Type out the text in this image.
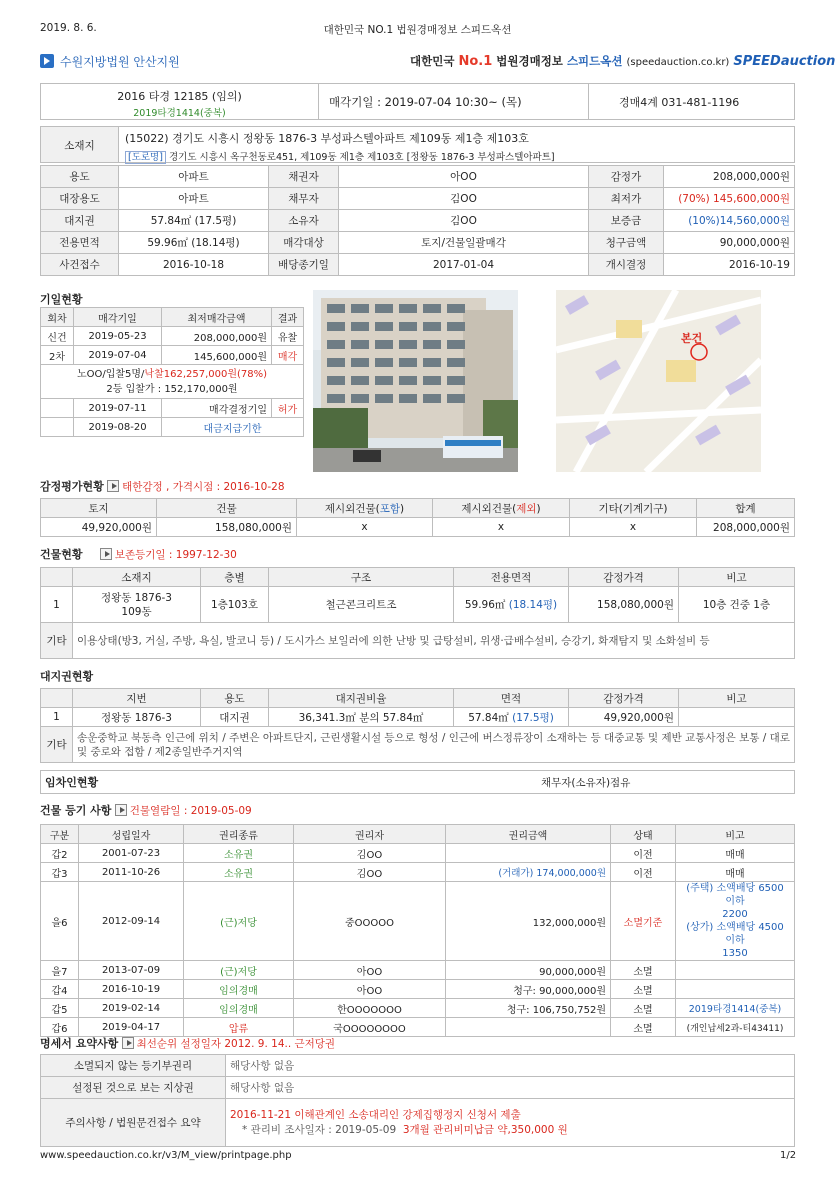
2019. 8. 6.	대한민국 NO.1 법원경매정보 스피드옥션
수원지방법원 안산지원	대한민국 No.1 법원경매정보 스피드옥션 (speedauction.co.kr) SPEEDauction
2016 타경 12185 (임의)
2019타경1414(중복)
매각기일 : 2019-07-04 10:30~ (목)	경매4계 031-481-1196
소재지
(15022) 경기도 시흥시 정왕동 1876-3 부성파스텔아파트 제109동 제1층 제103호
[도로명] 경기도 시흥시 옥구천동로451, 제109동 제1층 제103호 [정왕동 1876-3 부성파스텔아파트]
용도	아파트	채권자	아OO	감정가	208,000,000원
대장용도	아파트	채무자	김OO	최저가	(70%) 145,600,000원
대지권	57.84㎡ (17.5평)	소유자	김OO	보증금	(10%)14,560,000원
전용면적	59.96㎡ (18.14평)	매각대상	토지/건물일괄매각	청구금액	90,000,000원
사건접수	2016-10-18	배당종기일	2017-01-04	개시결정	2016-10-19
기일현황
회차	매각기일	최저매각금액	결과
신건	2019-05-23	208,000,000원	유찰
2차	2019-07-04	145,600,000원	매각
노OO/입찰5명/낙찰162,257,000원(78%)
2등 입찰가 : 152,170,000원			
	2019-07-11	매각결정기일	허가
	2019-08-20	대금지급기한	
본건
감정평가현황 태한감정 , 가격시점 : 2016-10-28
토지	건물	제시외건물(포함)	제시외건물(제외)	기타(기계기구)	합계
49,920,000원	158,080,000원	x	x	x	208,000,000원
건물현황	보존등기일 : 1997-12-30
	소재지	층별	구조	전용면적	감정가격	비고
1	정왕동 1876-3
109동	1층103호	철근콘크리트조	59.96㎡ (18.14평)	158,080,000원	10층 건중 1층
기타	이용상태(방3, 거실, 주방, 욕실, 발코니 등) / 도시가스 보일러에 의한 난방 및 급탕설비, 위생·급배수설비, 승강기, 화재탐지 및 소화설비 등					
대지권현황
	지번	용도	대지권비율	면적	감정가격	비고
1	정왕동 1876-3	대지권	36,341.3㎡ 분의 57.84㎡	57.84㎡ (17.5평)	49,920,000원	
기타	송운중학교 북동측 인근에 위치 / 주변은 아파트단지, 근린생활시설 등으로 형성 / 인근에 버스정류장이 소재하는 등 대중교통 및 제반 교통사정은 보통 / 대로 및 중로와 접함 / 제2종일반주거지역					
임차인현황	채무자(소유자)점유
건물 등기 사항 건물열람일 : 2019-05-09
구분	성립일자	권리종류	권리자	권리금액	상태	비고
갑2	2001-07-23	소유권	김OO		이전	매매
갑3	2011-10-26	소유권	김OO	(거래가) 174,000,000원	이전	매매
을6	2012-09-14	(근)저당	중OOOOO	132,000,000원	소멸기준	(주택) 소액배당 6500 이하
2200
(상가) 소액배당 4500 이하
1350
을7	2013-07-09	(근)저당	아OO	90,000,000원	소멸	
갑4	2016-10-19	임의경매	아OO	청구: 90,000,000원	소멸	
갑5	2019-02-14	임의경매	한OOOOOOO	청구: 106,750,752원	소멸	2019타경1414(중복)
갑6	2019-04-17	압류	국OOOOOOOO		소멸	(개인납세2과-티43411)
명세서 요약사항 최선순위 설정일자 2012. 9. 14.. 근저당권
소멸되지 않는 등기부권리	해당사항 없음
설정된 것으로 보는 지상권	해당사항 없음
주의사항 / 법원문건접수 요약	2016-11-21 이해관계인 소송대리인 강제집행정지 신청서 제출
* 관리비 조사일자 : 2019-05-09 3개월 관리비미납금 약,350,000 원
www.speedauction.co.kr/v3/M_view/printpage.php	1/2
